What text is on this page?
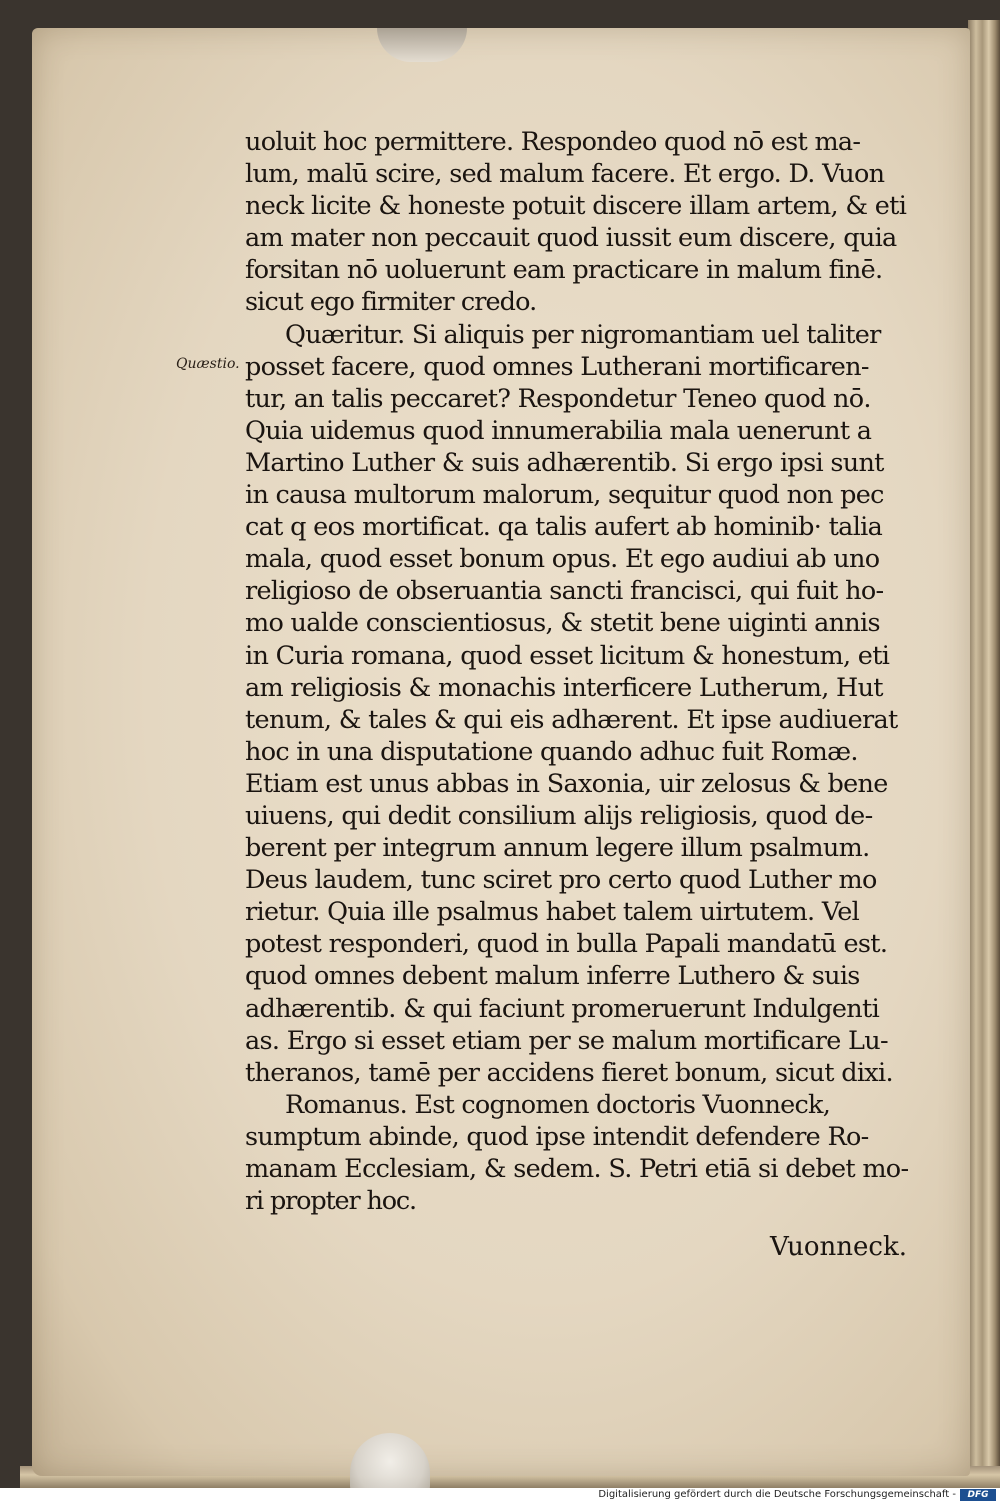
Quæstio.
uoluit hoc permittere. Respondeo quod nō est ma-
lum, malū scire, sed malum facere. Et ergo. D. Vuon
neck licite & honeste potuit discere illam artem, & eti
am mater non peccauit quod iussit eum discere, quia
forsitan nō uoluerunt eam practicare in malum finē.
sicut ego firmiter credo.
Quæritur. Si aliquis per nigromantiam uel taliter
posset facere, quod omnes Lutherani mortificaren-
tur, an talis peccaret? Respondetur Teneo quod nō.
Quia uidemus quod innumerabilia mala uenerunt a
Martino Luther & suis adhærentib. Si ergo ipsi sunt
in causa multorum malorum, sequitur quod non pec
cat q eos mortificat. qa talis aufert ab hominib· talia
mala, quod esset bonum opus. Et ego audiui ab uno
religioso de obseruantia sancti francisci, qui fuit ho-
mo ualde conscientiosus, & stetit bene uiginti annis
in Curia romana, quod esset licitum & honestum, eti
am religiosis & monachis interficere Lutherum, Hut
tenum, & tales & qui eis adhærent. Et ipse audiuerat
hoc in una disputatione quando adhuc fuit Romæ.
Etiam est unus abbas in Saxonia, uir zelosus & bene
uiuens, qui dedit consilium alijs religiosis, quod de-
berent per integrum annum legere illum psalmum.
Deus laudem, tunc sciret pro certo quod Luther mo
rietur. Quia ille psalmus habet talem uirtutem. Vel
potest responderi, quod in bulla Papali mandatū est.
quod omnes debent malum inferre Luthero & suis
adhærentib. & qui faciunt promeruerunt Indulgenti
as. Ergo si esset etiam per se malum mortificare Lu-
theranos, tamē per accidens fieret bonum, sicut dixi.
Romanus. Est cognomen doctoris Vuonneck,
sumptum abinde, quod ipse intendit defendere Ro-
manam Ecclesiam, & sedem. S. Petri etiā si debet mo-
ri propter hoc.
Vuonneck.
Digitalisierung gefördert durch die Deutsche Forschungsgemeinschaft -	DFG
